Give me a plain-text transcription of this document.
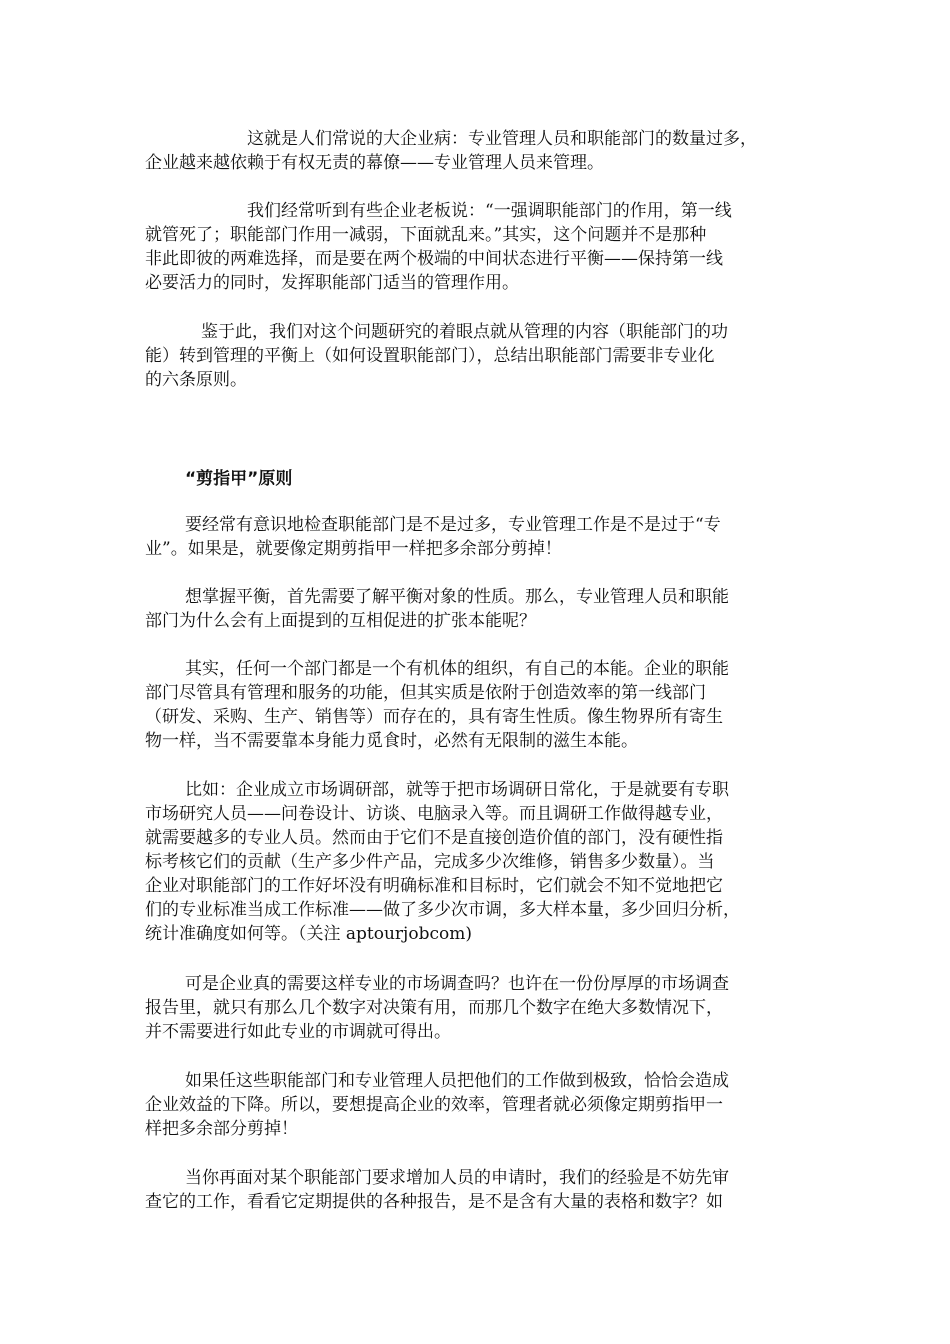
这就是人们常说的大企业病：专业管理人员和职能部门的数量过多，
企业越来越依赖于有权无责的幕僚——专业管理人员来管理。
我们经常听到有些企业老板说：“一强调职能部门的作用，第一线
就管死了；职能部门作用一减弱，下面就乱来。”其实，这个问题并不是那种
非此即彼的两难选择，而是要在两个极端的中间状态进行平衡——保持第一线
必要活力的同时，发挥职能部门适当的管理作用。
鉴于此，我们对这个问题研究的着眼点就从管理的内容（职能部门的功
能）转到管理的平衡上（如何设置职能部门），总结出职能部门需要非专业化
的六条原则。
“剪指甲”原则
要经常有意识地检查职能部门是不是过多，专业管理工作是不是过于“专
业”。如果是，就要像定期剪指甲一样把多余部分剪掉！
想掌握平衡，首先需要了解平衡对象的性质。那么，专业管理人员和职能
部门为什么会有上面提到的互相促进的扩张本能呢？
其实，任何一个部门都是一个有机体的组织，有自己的本能。企业的职能
部门尽管具有管理和服务的功能，但其实质是依附于创造效率的第一线部门
（研发、采购、生产、销售等）而存在的，具有寄生性质。像生物界所有寄生
物一样，当不需要靠本身能力觅食时，必然有无限制的滋生本能。
比如：企业成立市场调研部，就等于把市场调研日常化，于是就要有专职
市场研究人员——问卷设计、访谈、电脑录入等。而且调研工作做得越专业，
就需要越多的专业人员。然而由于它们不是直接创造价值的部门，没有硬性指
标考核它们的贡献（生产多少件产品，完成多少次维修，销售多少数量）。当
企业对职能部门的工作好坏没有明确标准和目标时，它们就会不知不觉地把它
们的专业标准当成工作标准——做了多少次市调，多大样本量，多少回归分析，
统计准确度如何等。（关注 aptourjobcom)
可是企业真的需要这样专业的市场调查吗？也许在一份份厚厚的市场调查
报告里，就只有那么几个数字对决策有用，而那几个数字在绝大多数情况下，
并不需要进行如此专业的市调就可得出。
如果任这些职能部门和专业管理人员把他们的工作做到极致，恰恰会造成
企业效益的下降。所以，要想提高企业的效率，管理者就必须像定期剪指甲一
样把多余部分剪掉！
当你再面对某个职能部门要求增加人员的申请时，我们的经验是不妨先审
查它的工作，看看它定期提供的各种报告，是不是含有大量的表格和数字？如
